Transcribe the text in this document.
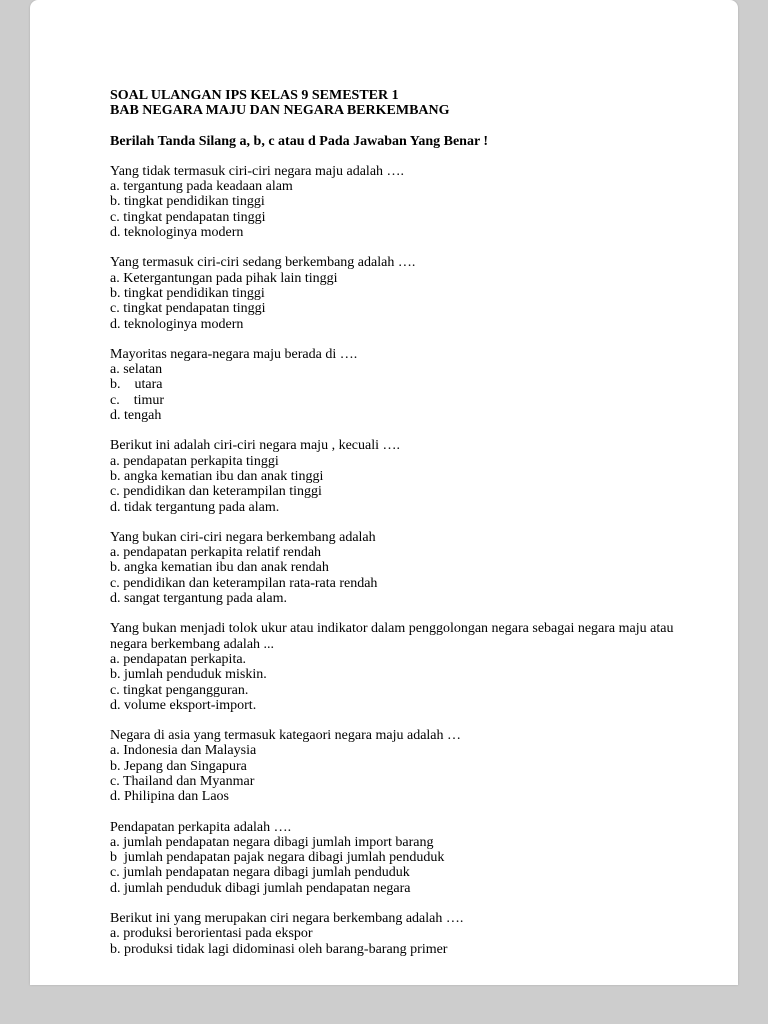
SOAL ULANGAN IPS KELAS 9 SEMESTER 1
BAB NEGARA MAJU DAN NEGARA BERKEMBANG
Berilah Tanda Silang a, b, c atau d Pada Jawaban Yang Benar !
Yang tidak termasuk ciri-ciri negara maju adalah ….
a. tergantung pada keadaan alam
b. tingkat pendidikan tinggi
c. tingkat pendapatan tinggi
d. teknologinya modern
Yang termasuk ciri-ciri sedang berkembang adalah ….
a. Ketergantungan pada pihak lain tinggi
b. tingkat pendidikan tinggi
c. tingkat pendapatan tinggi
d. teknologinya modern
Mayoritas negara-negara maju berada di ….
a. selatan
b.    utara
c.    timur
d. tengah
Berikut ini adalah ciri-ciri negara maju , kecuali ….
a. pendapatan perkapita tinggi
b. angka kematian ibu dan anak tinggi
c. pendidikan dan keterampilan tinggi
d. tidak tergantung pada alam.
Yang bukan ciri-ciri negara berkembang adalah
a. pendapatan perkapita relatif rendah
b. angka kematian ibu dan anak rendah
c. pendidikan dan keterampilan rata-rata rendah
d. sangat tergantung pada alam.
Yang bukan menjadi tolok ukur atau indikator dalam penggolongan negara sebagai negara maju atau negara berkembang adalah ...
a. pendapatan perkapita.
b. jumlah penduduk miskin.
c. tingkat pengangguran.
d. volume eksport-import.
Negara di asia yang termasuk kategaori negara maju adalah …
a. Indonesia dan Malaysia
b. Jepang dan Singapura
c. Thailand dan Myanmar
d. Philipina dan Laos
Pendapatan perkapita adalah ….
a. jumlah pendapatan negara dibagi jumlah import barang
b  jumlah pendapatan pajak negara dibagi jumlah penduduk
c. jumlah pendapatan negara dibagi jumlah penduduk
d. jumlah penduduk dibagi jumlah pendapatan negara
Berikut ini yang merupakan ciri negara berkembang adalah ….
a. produksi berorientasi pada ekspor
b. produksi tidak lagi didominasi oleh barang-barang primer
